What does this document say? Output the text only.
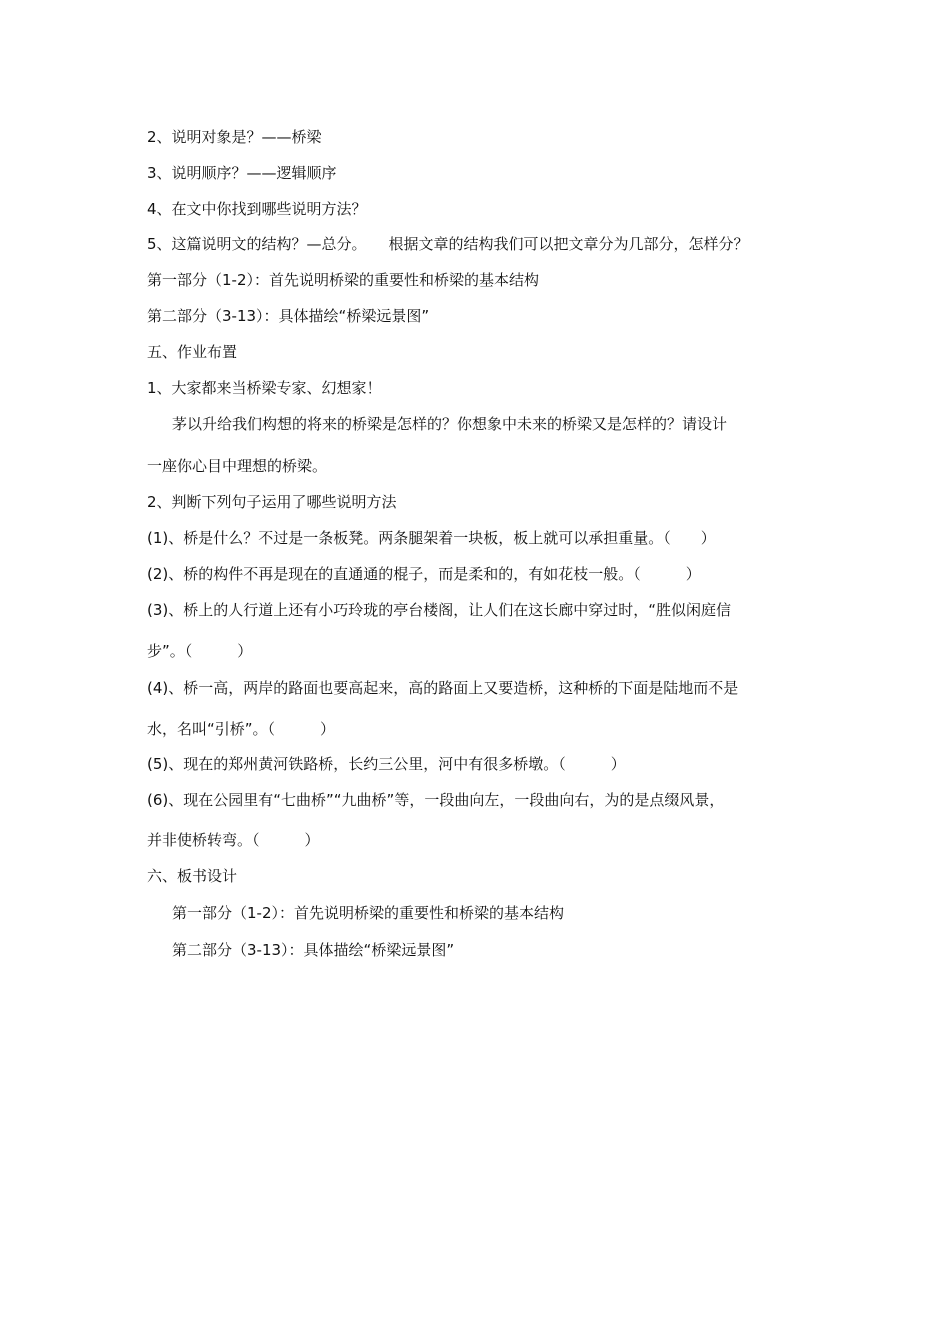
2、说明对象是？——桥梁
3、说明顺序？——逻辑顺序
4、在文中你找到哪些说明方法？
5、这篇说明文的结构？—总分。 根据文章的结构我们可以把文章分为几部分，怎样分？
第一部分（1-2）：首先说明桥梁的重要性和桥梁的基本结构
第二部分（3-13）：具体描绘“桥梁远景图”
五、作业布置
1、大家都来当桥梁专家、幻想家！
茅以升给我们构想的将来的桥梁是怎样的？你想象中未来的桥梁又是怎样的？请设计
一座你心目中理想的桥梁。
2、判断下列句子运用了哪些说明方法
(1)、桥是什么？不过是一条板凳。两条腿架着一块板，板上就可以承担重量。（　　）
(2)、桥的构件不再是现在的直通通的棍子，而是柔和的，有如花枝一般。（　　　）
(3)、桥上的人行道上还有小巧玲珑的亭台楼阁，让人们在这长廊中穿过时，“胜似闲庭信
步”。（　　　）
(4)、桥一高，两岸的路面也要高起来，高的路面上又要造桥，这种桥的下面是陆地而不是
水，名叫“引桥”。（　　　）
(5)、现在的郑州黄河铁路桥，长约三公里，河中有很多桥墩。（　　　）
(6)、现在公园里有“七曲桥”“九曲桥”等，一段曲向左，一段曲向右，为的是点缀风景，
并非使桥转弯。（　　　）
六、板书设计
第一部分（1-2）：首先说明桥梁的重要性和桥梁的基本结构
第二部分（3-13）：具体描绘“桥梁远景图”
